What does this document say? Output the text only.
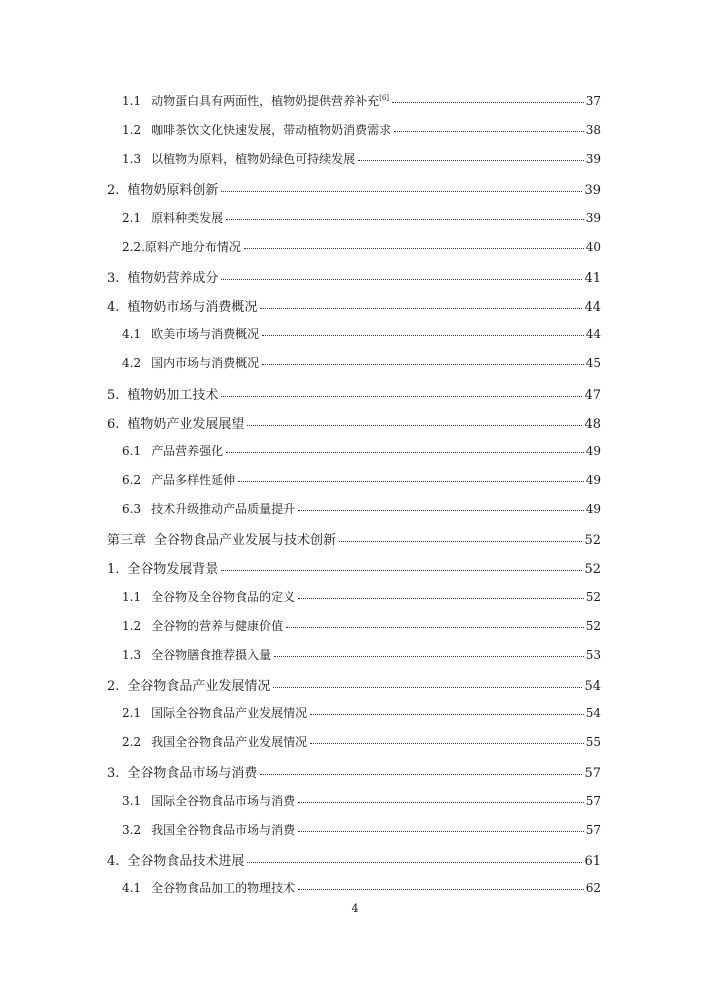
1.1 动物蛋白具有两面性，植物奶提供营养补充[6]	37
1.2 咖啡茶饮文化快速发展，带动植物奶消费需求	38
1.3 以植物为原料，植物奶绿色可持续发展	39
2. 植物奶原料创新	39
2.1 原料种类发展	39
2.2.原料产地分布情况	40
3. 植物奶营养成分	41
4. 植物奶市场与消费概况	44
4.1 欧美市场与消费概况	44
4.2 国内市场与消费概况	45
5. 植物奶加工技术	47
6. 植物奶产业发展展望	48
6.1 产品营养强化	49
6.2 产品多样性延伸	49
6.3 技术升级推动产品质量提升	49
第三章 全谷物食品产业发展与技术创新	52
1. 全谷物发展背景	52
1.1 全谷物及全谷物食品的定义	52
1.2 全谷物的营养与健康价值	52
1.3 全谷物膳食推荐摄入量	53
2. 全谷物食品产业发展情况	54
2.1 国际全谷物食品产业发展情况	54
2.2 我国全谷物食品产业发展情况	55
3. 全谷物食品市场与消费	57
3.1 国际全谷物食品市场与消费	57
3.2 我国全谷物食品市场与消费	57
4. 全谷物食品技术进展	61
4.1 全谷物食品加工的物理技术	62
4
